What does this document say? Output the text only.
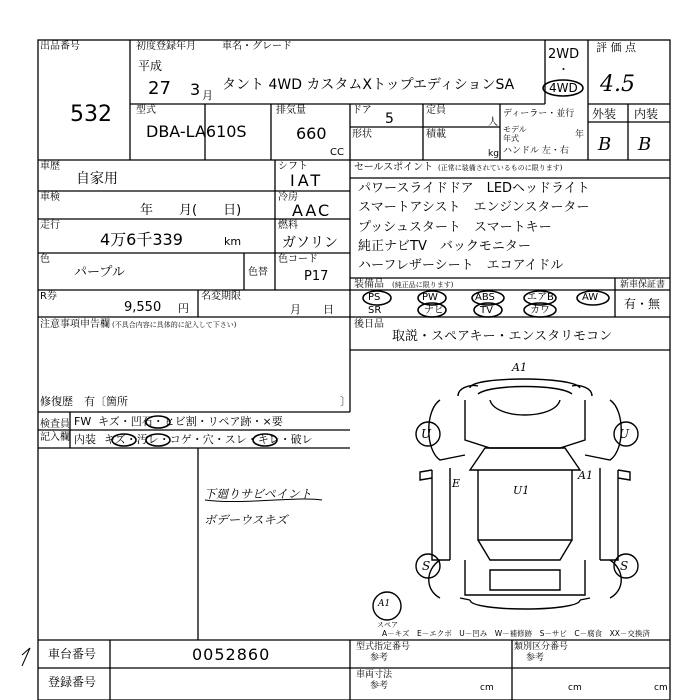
出品番号
532
初度登録年月
平成
27 3 月
車名・グレード
タント 4WD カスタムXトップエディションSA
2WD
・
4WD
評 価 点
4.5
型式
DBA-LA610S
排気量
660
CC
ドア
5
定員
人
形状	積載
kg
ディーラー・並行
モデル
年式	年
ハンドル 左・右
外装 内装
B B
車歴
自家用
シフト
IAT
車検
年　　月(　　日)
冷房
AAC
走行
4万6千339	km
燃料
ガソリン
色
パープル	色替
色コード
P17
R券
9,550 円
名変期限
月　　日
注意事項申告欄 (不具合内容に具体的に記入して下さい)
修復歴　有〔箇所	〕
セールスポイント (正常に装備されているものに限ります)
パワースライドドア　LEDヘッドライト
スマートアシスト　エンジンスターター
プッシュスタート　スマートキー
純正ナビTV　バックモニター
ハーフレザーシート　エコアイドル
装備品 (純正品に限ります)
PS	PW	ABS	エアB	AW
SR	ナビ	TV	カワ
新車保証書
有・無
後日品
取説・スペアキー・エンスタリモコン
検査員
記入欄
FW キズ・凹石・ヒビ割・リペア跡・×要
内装 キズ・汚レ・コゲ・穴・スレ・キレ・破レ
下廻りサビペイント
ボデーウスキズ
A1
U	U
E
U1
A1
S	S
A1
スペア
A－キズ　E－エクボ　U－凹み　W－補修跡　S－サビ　C－腐食　XX－交換済
車台番号	0052860
登録番号
型式指定番号
参考
類別区分番号
参考
車両寸法
参考	cm	cm	cm
